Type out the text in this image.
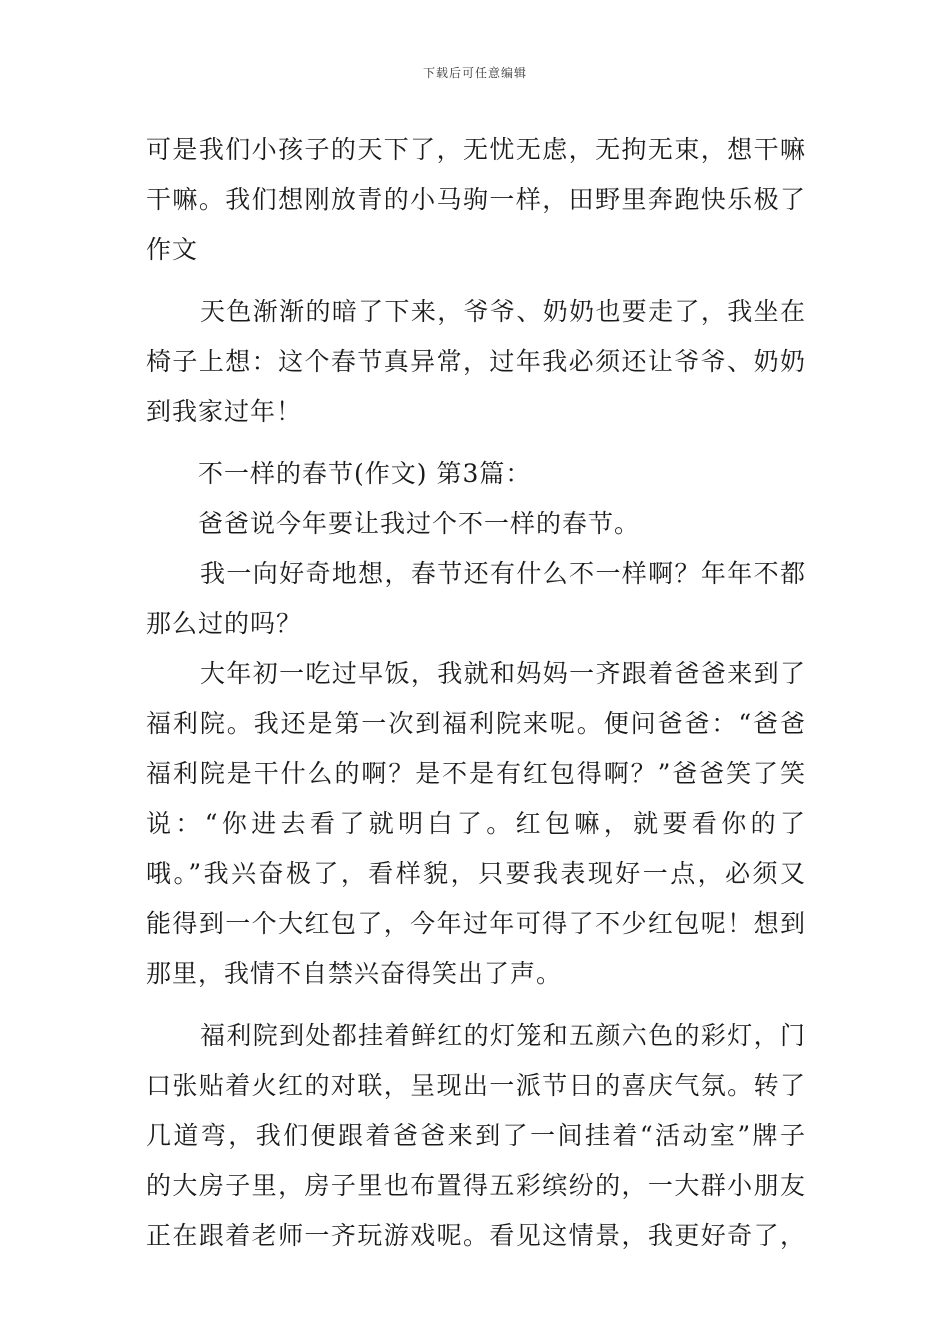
下载后可任意编辑
可是我们小孩子的天下了，无忧无虑，无拘无束，想干嘛
干嘛。我们想刚放青的小马驹一样，田野里奔跑快乐极了
作文
天色渐渐的暗了下来，爷爷、奶奶也要走了，我坐在
椅子上想：这个春节真异常，过年我必须还让爷爷、奶奶
到我家过年！
不一样的春节(作文) 第3篇：
爸爸说今年要让我过个不一样的春节。
我一向好奇地想，春节还有什么不一样啊？年年不都
那么过的吗？
大年初一吃过早饭，我就和妈妈一齐跟着爸爸来到了
福利院。我还是第一次到福利院来呢。便问爸爸：“爸爸
福利院是干什么的啊？是不是有红包得啊？”爸爸笑了笑
说：“你进去看了就明白了。红包嘛，就要看你的了
哦。”我兴奋极了，看样貌，只要我表现好一点，必须又
能得到一个大红包了，今年过年可得了不少红包呢！想到
那里，我情不自禁兴奋得笑出了声。
福利院到处都挂着鲜红的灯笼和五颜六色的彩灯，门
口张贴着火红的对联，呈现出一派节日的喜庆气氛。转了
几道弯，我们便跟着爸爸来到了一间挂着“活动室”牌子
的大房子里，房子里也布置得五彩缤纷的，一大群小朋友
正在跟着老师一齐玩游戏呢。看见这情景，我更好奇了，
